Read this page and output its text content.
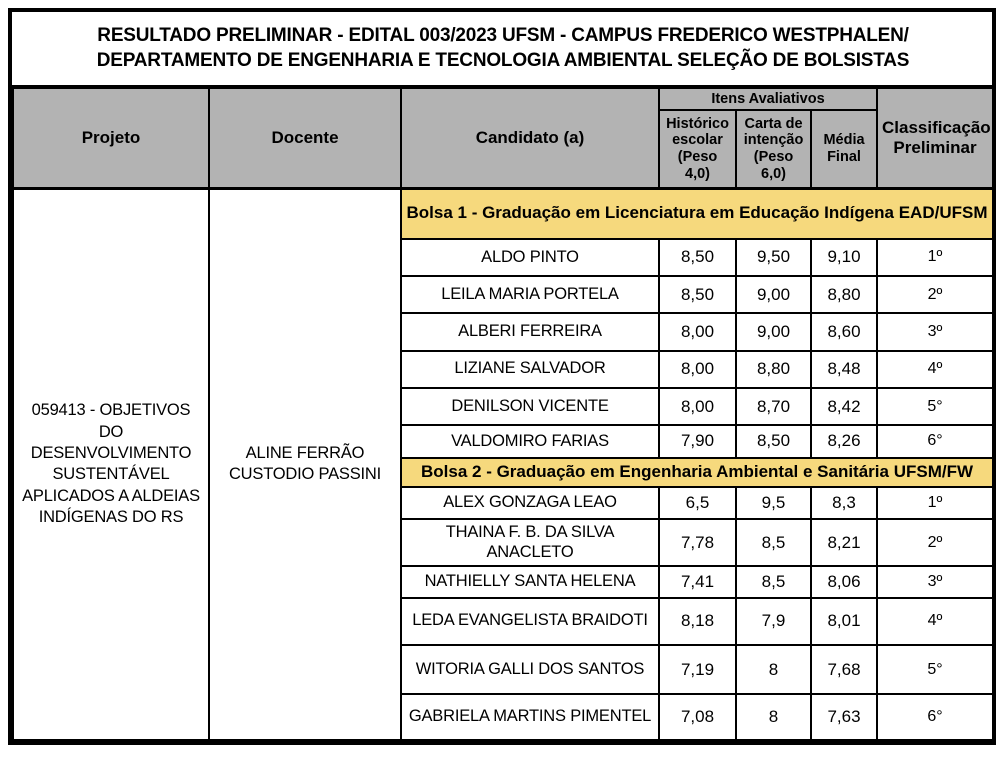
RESULTADO PRELIMINAR - EDITAL 003/2023 UFSM - CAMPUS FREDERICO WESTPHALEN/ DEPARTAMENTO DE ENGENHARIA E TECNOLOGIA AMBIENTAL SELEÇÃO DE BOLSISTAS						
Projeto	Docente	Candidato (a)	Itens Avaliativos			Classificação Preliminar
			Histórico escolar (Peso 4,0)	Carta de intenção (Peso 6,0)	Média Final	
059413 - OBJETIVOS DO DESENVOLVIMENTO SUSTENTÁVEL APLICADOS A ALDEIAS INDÍGENAS DO RS	ALINE FERRÃO CUSTODIO PASSINI	Bolsa 1 - Graduação em Licenciatura em Educação Indígena EAD/UFSM				
		ALDO PINTO	8,50	9,50	9,10	1º
		LEILA MARIA PORTELA	8,50	9,00	8,80	2º
		ALBERI FERREIRA	8,00	9,00	8,60	3º
		LIZIANE SALVADOR	8,00	8,80	8,48	4º
		DENILSON VICENTE	8,00	8,70	8,42	5°
		VALDOMIRO FARIAS	7,90	8,50	8,26	6°
		Bolsa 2 - Graduação em Engenharia Ambiental e Sanitária UFSM/FW				
		ALEX GONZAGA LEAO	6,5	9,5	8,3	1º
		THAINA F. B. DA SILVA ANACLETO	7,78	8,5	8,21	2º
		NATHIELLY SANTA HELENA	7,41	8,5	8,06	3º
		LEDA EVANGELISTA BRAIDOTI	8,18	7,9	8,01	4º
		WITORIA GALLI DOS SANTOS	7,19	8	7,68	5°
		GABRIELA MARTINS PIMENTEL	7,08	8	7,63	6°
